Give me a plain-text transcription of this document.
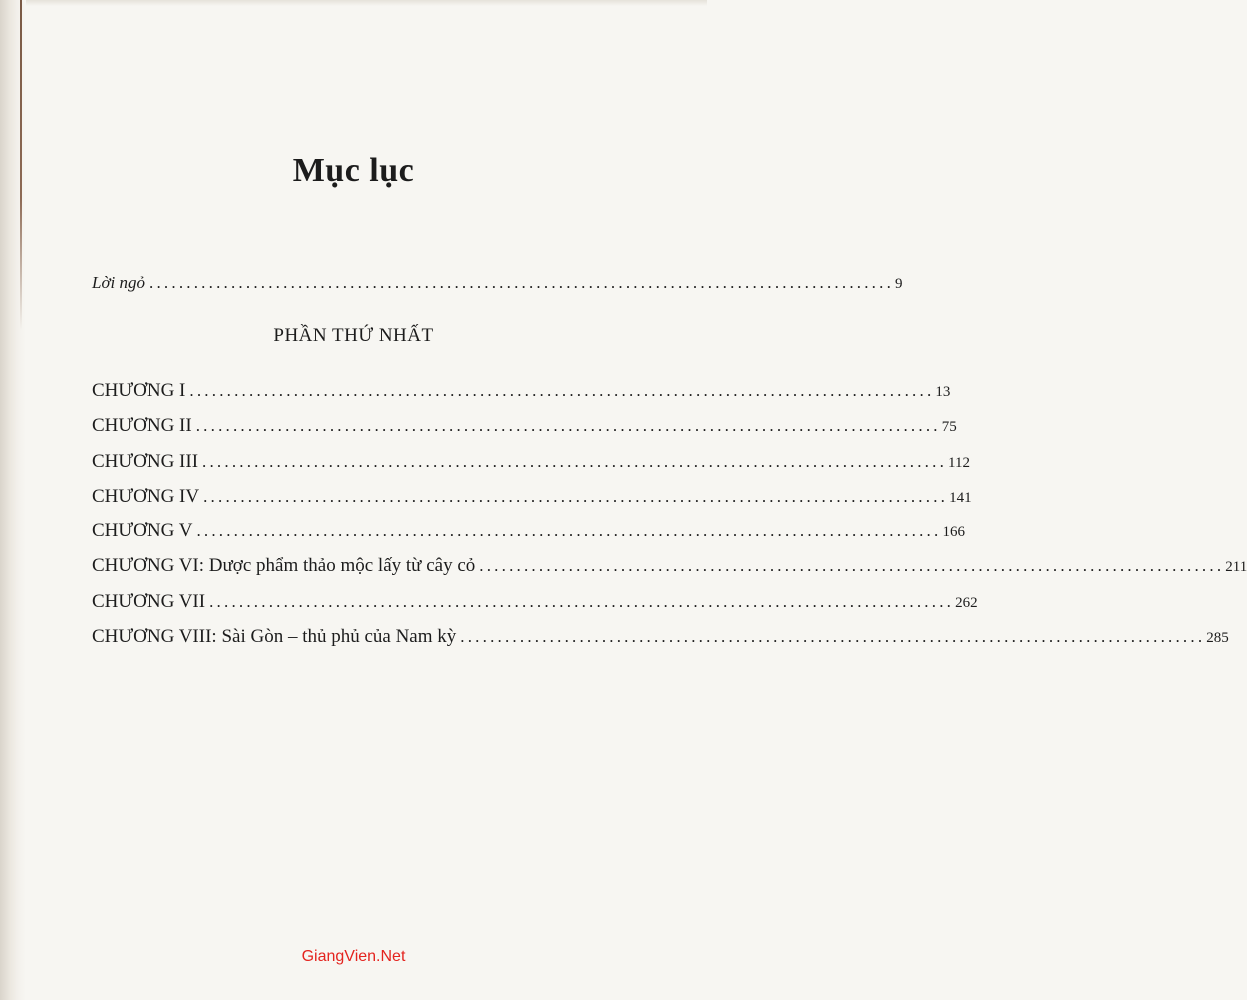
Mục lục
Lời ngỏ .................................................................................................... 9
PHẦN THỨ NHẤT
CHƯƠNG I .................................................................................................... 13
CHƯƠNG II .................................................................................................... 75
CHƯƠNG III .................................................................................................... 112
CHƯƠNG IV .................................................................................................... 141
CHƯƠNG V .................................................................................................... 166
CHƯƠNG VI: Dược phẩm thảo mộc lấy từ cây cỏ .................................................................................................... 211
CHƯƠNG VII .................................................................................................... 262
CHƯƠNG VIII: Sài Gòn – thủ phủ của Nam kỳ .................................................................................................... 285
GiangVien.Net
